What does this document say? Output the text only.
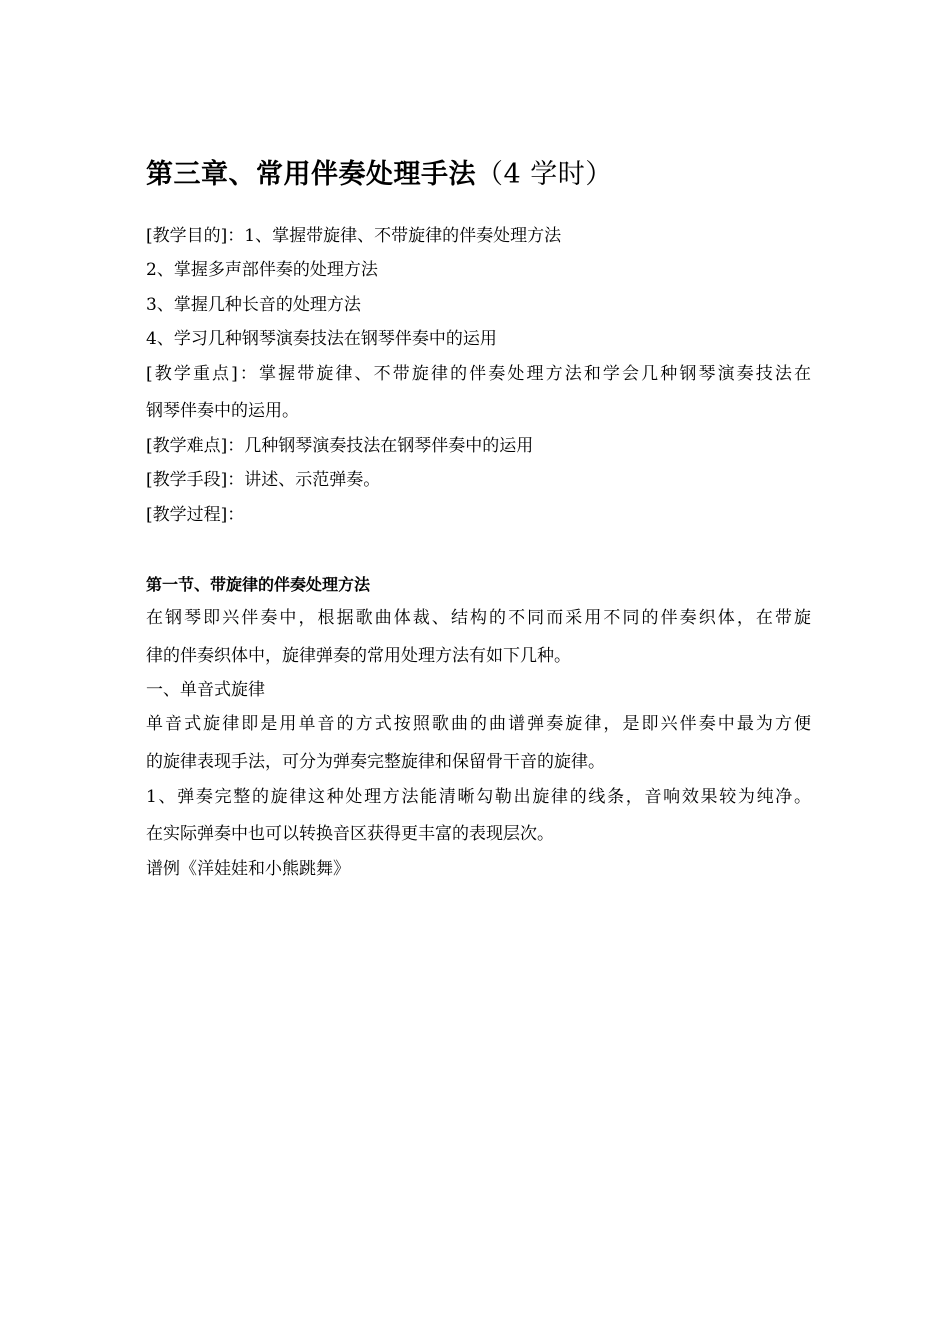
第三章、常用伴奏处理手法（4 学时）
[教学目的]：1、掌握带旋律、不带旋律的伴奏处理方法
2、掌握多声部伴奏的处理方法
3、掌握几种长音的处理方法
4、学习几种钢琴演奏技法在钢琴伴奏中的运用
[教学重点]：掌握带旋律、不带旋律的伴奏处理方法和学会几种钢琴演奏技法在
钢琴伴奏中的运用。
[教学难点]：几种钢琴演奏技法在钢琴伴奏中的运用
[教学手段]：讲述、示范弹奏。
[教学过程]：
第一节、带旋律的伴奏处理方法
在钢琴即兴伴奏中，根据歌曲体裁、结构的不同而采用不同的伴奏织体，在带旋
律的伴奏织体中，旋律弹奏的常用处理方法有如下几种。
一、单音式旋律
单音式旋律即是用单音的方式按照歌曲的曲谱弹奏旋律，是即兴伴奏中最为方便
的旋律表现手法，可分为弹奏完整旋律和保留骨干音的旋律。
1、弹奏完整的旋律这种处理方法能清晰勾勒出旋律的线条，音响效果较为纯净。
在实际弹奏中也可以转换音区获得更丰富的表现层次。
谱例《洋娃娃和小熊跳舞》
